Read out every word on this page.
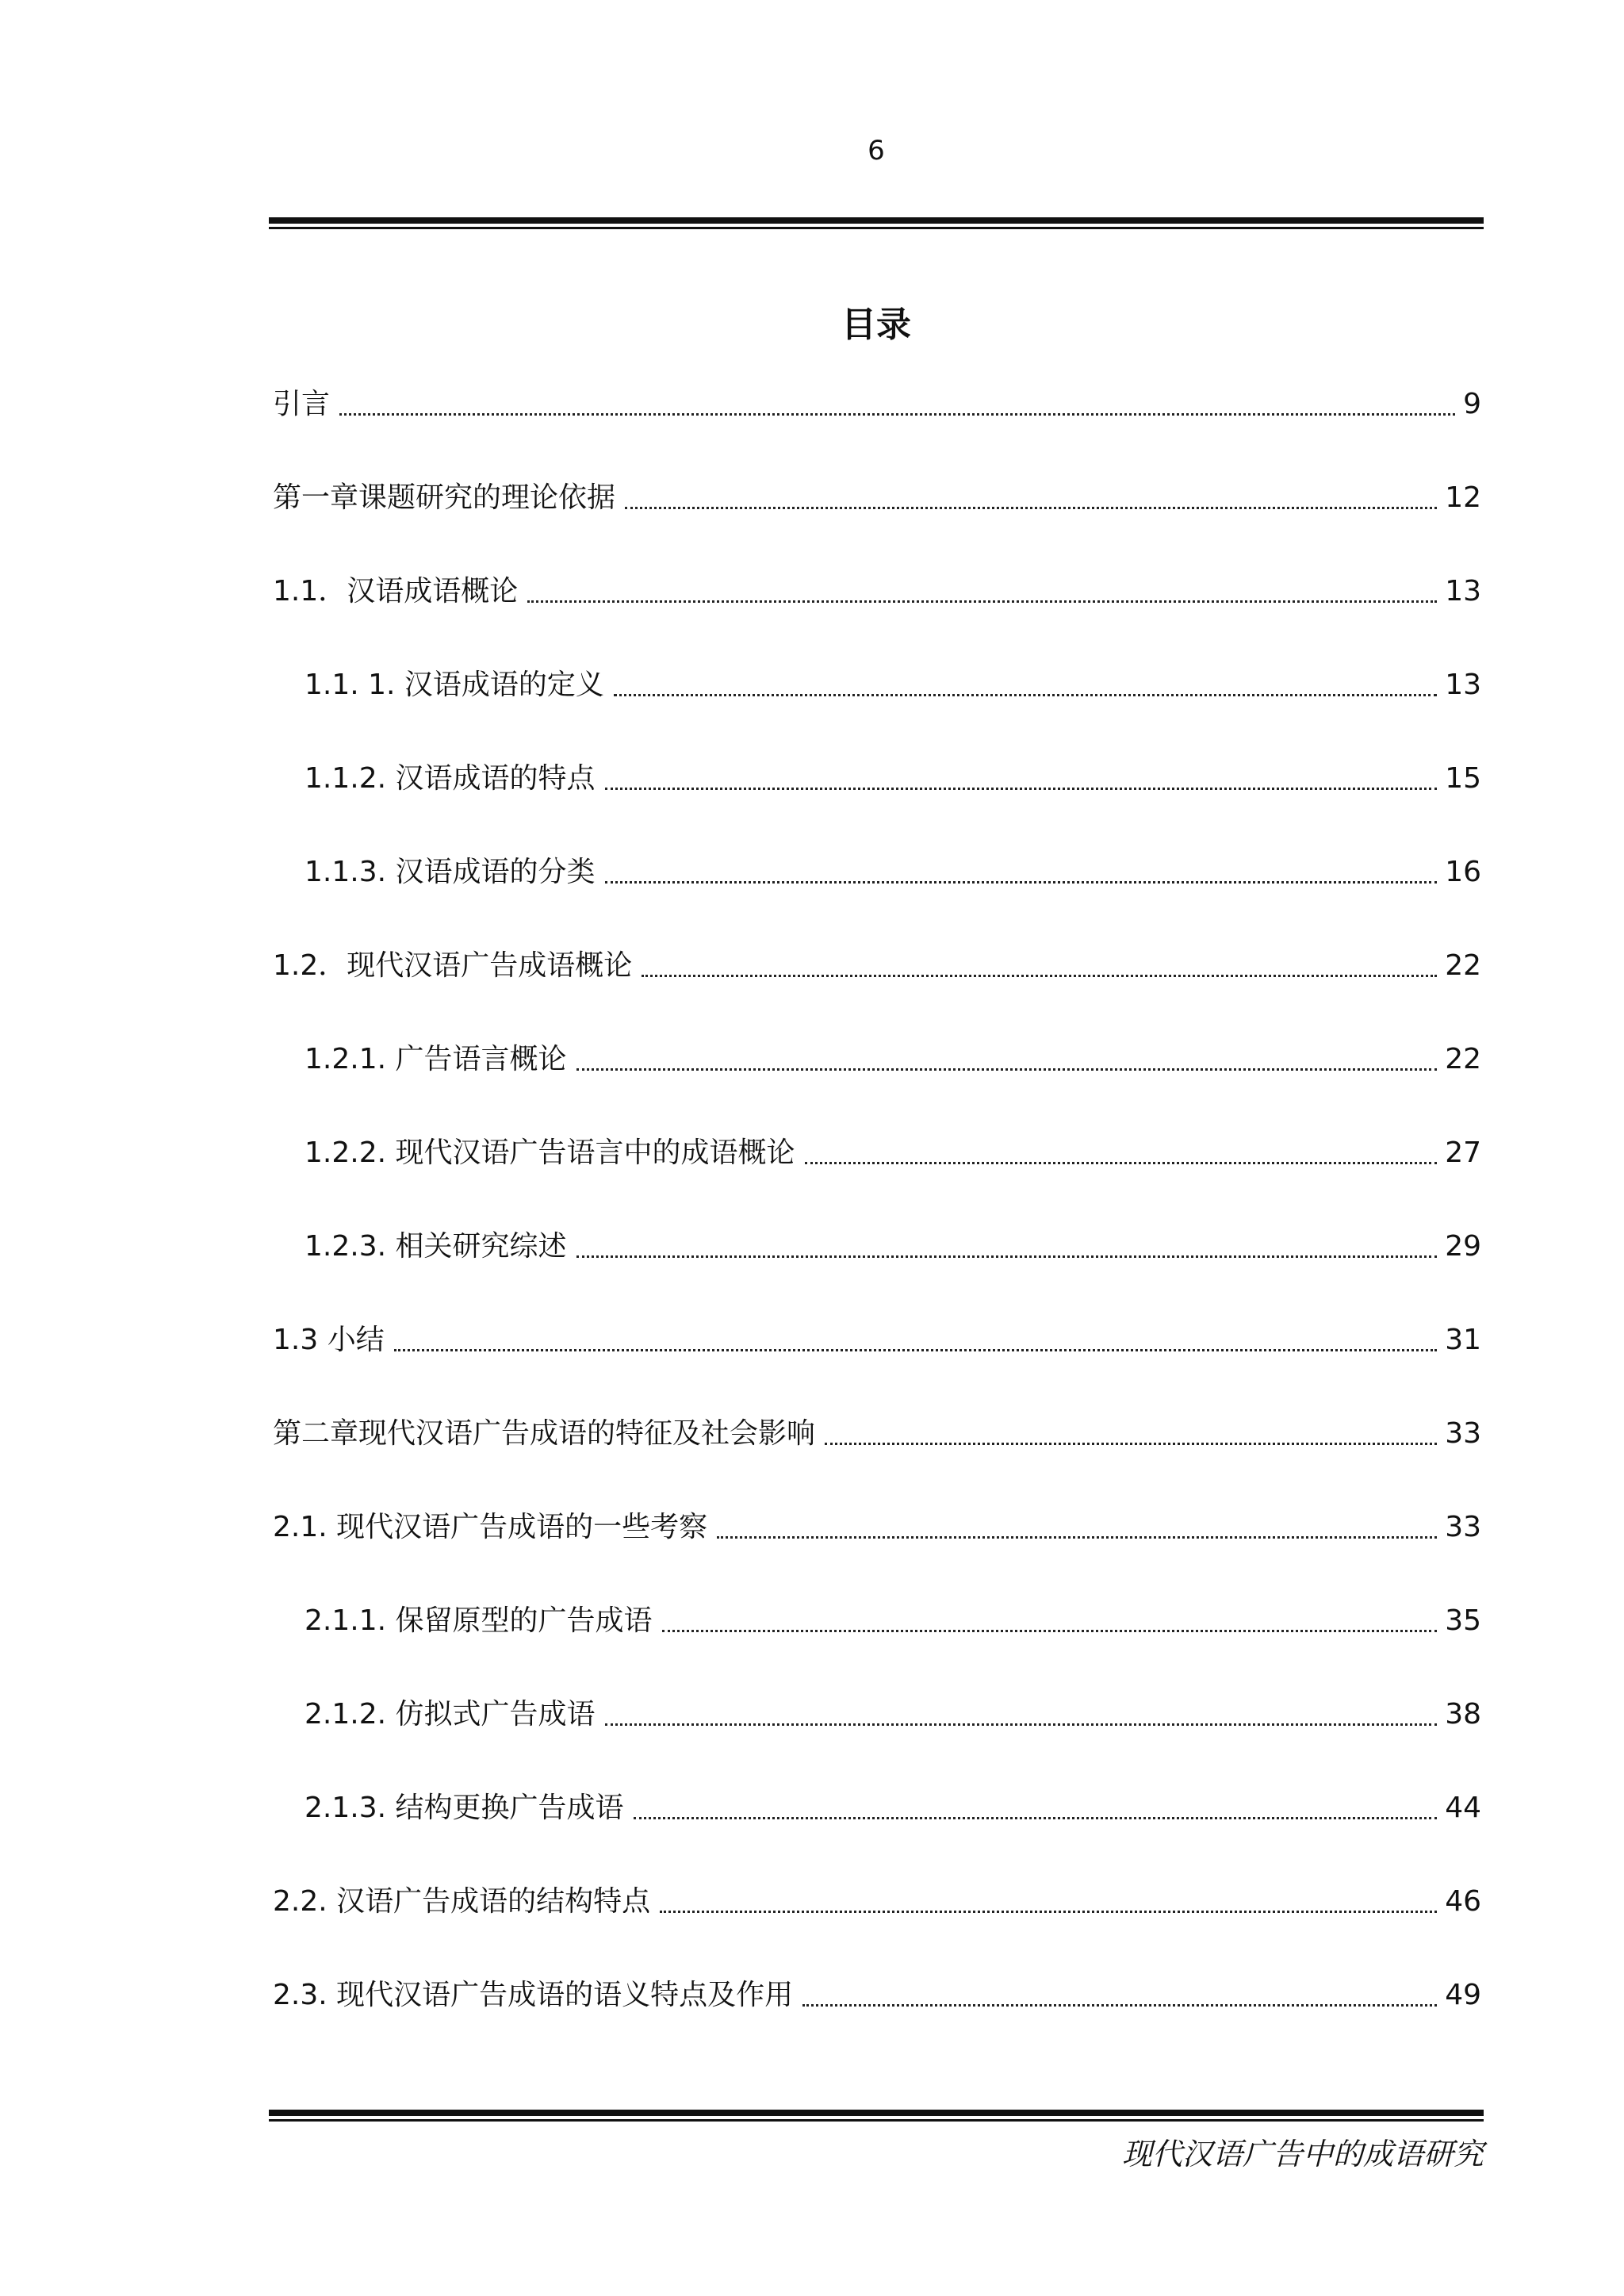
6
目录
引言	9
第一章课题研究的理论依据	12
1.1．汉语成语概论	13
1.1. 1. 汉语成语的定义	13
1.1.2. 汉语成语的特点	15
1.1.3. 汉语成语的分类	16
1.2．现代汉语广告成语概论	22
1.2.1. 广告语言概论	22
1.2.2. 现代汉语广告语言中的成语概论	27
1.2.3. 相关研究综述	29
1.3 小结	31
第二章现代汉语广告成语的特征及社会影响	33
2.1. 现代汉语广告成语的一些考察	33
2.1.1. 保留原型的广告成语	35
2.1.2. 仿拟式广告成语	38
2.1.3. 结构更换广告成语	44
2.2. 汉语广告成语的结构特点	46
2.3. 现代汉语广告成语的语义特点及作用	49
现代汉语广告中的成语研究
